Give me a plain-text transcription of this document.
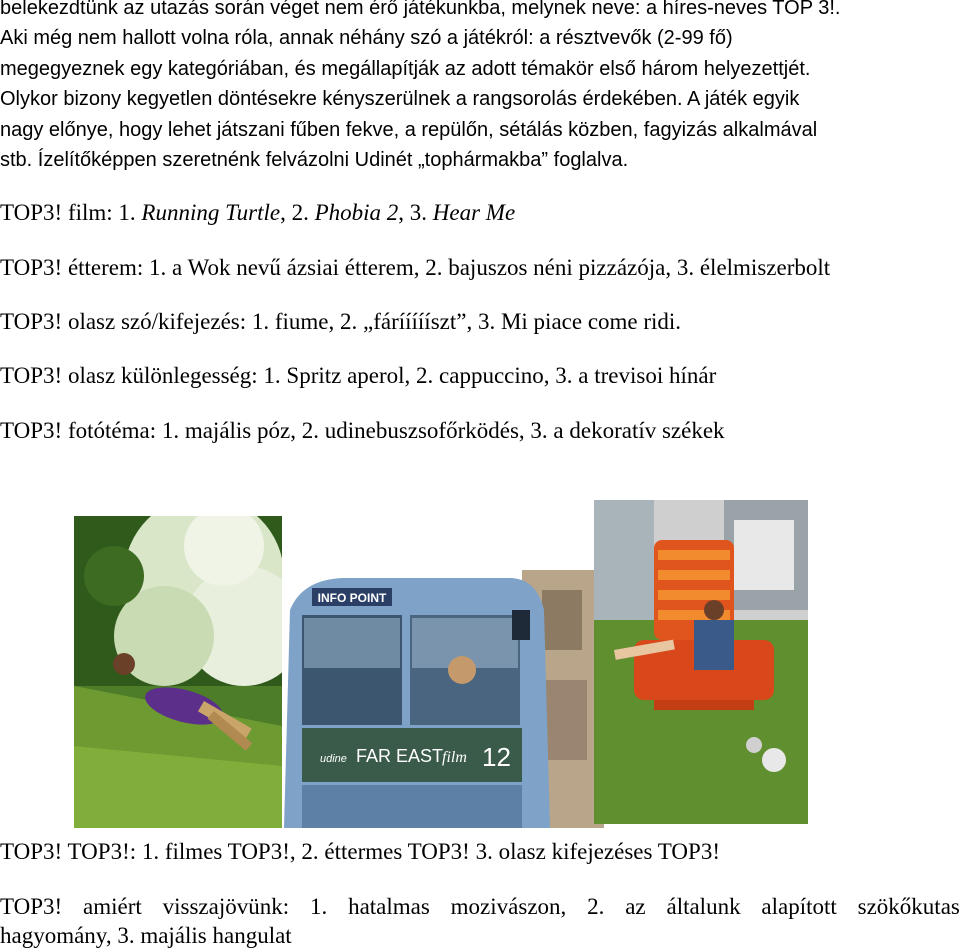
belekezdtünk az utazás során véget nem érő játékunkba, melynek neve: a híres-neves TOP 3!.
Aki még nem hallott volna róla, annak néhány szó a játékról: a résztvevők (2-99 fő)
megegyeznek egy kategóriában, és megállapítják az adott témakör első három helyezettjét.
Olykor bizony kegyetlen döntésekre kényszerülnek a rangsorolás érdekében. A játék egyik
nagy előnye, hogy lehet játszani fűben fekve, a repülőn, sétálás közben, fagyizás alkalmával
stb. Ízelítőképpen szeretnénk felvázolni Udinét „tophármakba” foglalva.
TOP3! film: 1. Running Turtle, 2. Phobia 2, 3. Hear Me
TOP3! étterem: 1. a Wok nevű ázsiai étterem, 2. bajuszos néni pizzázója, 3. élelmiszerbolt
TOP3! olasz szó/kifejezés: 1. fiume, 2. „fáríííííszt”, 3. Mi piace come ridi.
TOP3! olasz különlegesség: 1. Spritz aperol, 2. cappuccino, 3. a trevisoi hínár
TOP3! fotótéma: 1. majális póz, 2. udinebuszsofőrködés, 3. a dekoratív székek
INFO POINT
udine FAR EAST
film 12
TOP3! TOP3!: 1. filmes TOP3!, 2. éttermes TOP3! 3. olasz kifejezéses TOP3!
TOP3! amiért visszajövünk: 1. hatalmas mozivászon, 2. az általunk alapított szökőkutas
hagyomány, 3. majális hangulat
